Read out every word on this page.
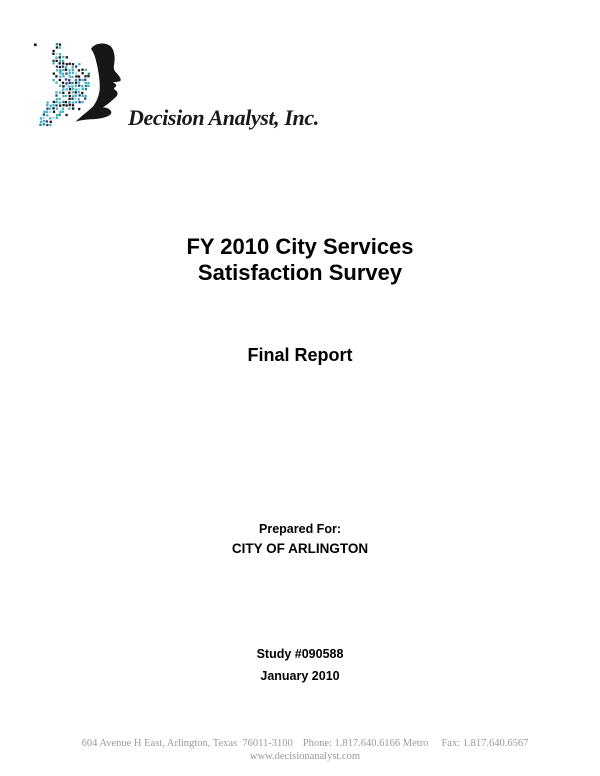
Decision Analyst, Inc.
FY 2010 City Services
Satisfaction Survey
Final Report
Prepared For:
CITY OF ARLINGTON
Study #090588
January 2010
604 Avenue H East, Arlington, Texas  76011-3100 Phone: 1.817.640.6166 Metro Fax: 1.817.640.6567
www.decisionanalyst.com
